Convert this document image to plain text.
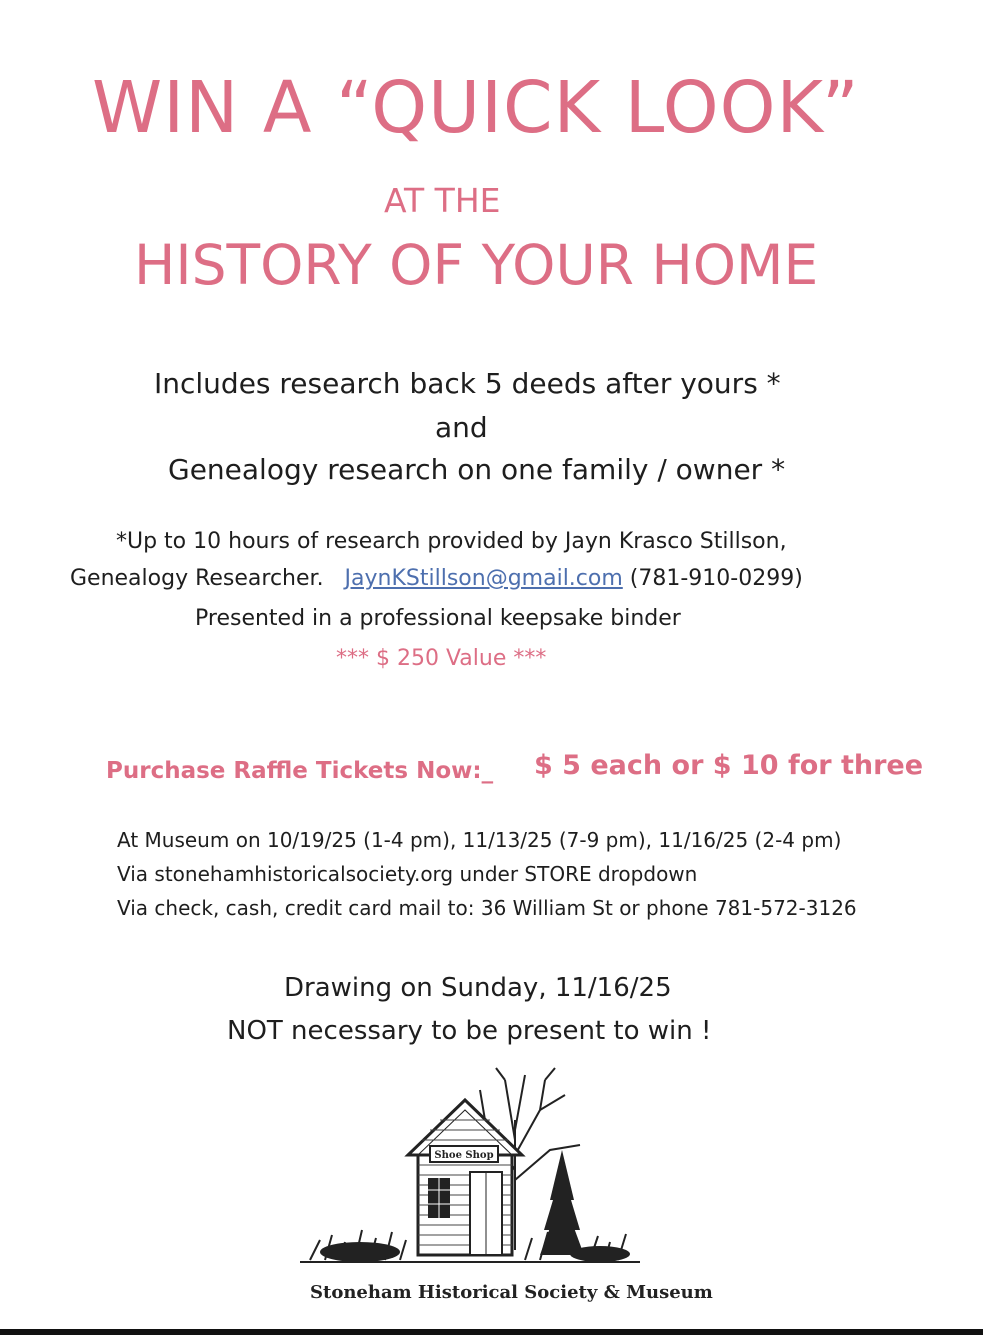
WIN A “QUICK LOOK”
AT THE
HISTORY OF YOUR HOME
Includes research back 5 deeds after yours *
and
Genealogy research on one family / owner *
*Up to 10 hours of research provided by Jayn Krasco Stillson,
Genealogy Researcher. JaynKStillson@gmail.com (781-910-0299)
Presented in a professional keepsake binder
*** $ 250 Value ***
Purchase Raffle Tickets Now:_ $ 5 each or $ 10 for three
At Museum on 10/19/25 (1-4 pm), 11/13/25 (7-9 pm), 11/16/25 (2-4 pm)
Via stonehamhistoricalsociety.org under STORE dropdown
Via check, cash, credit card mail to: 36 William St or phone 781-572-3126
Drawing on Sunday, 11/16/25
NOT necessary to be present to win !
Shoe Shop
Stoneham Historical Society & Museum
